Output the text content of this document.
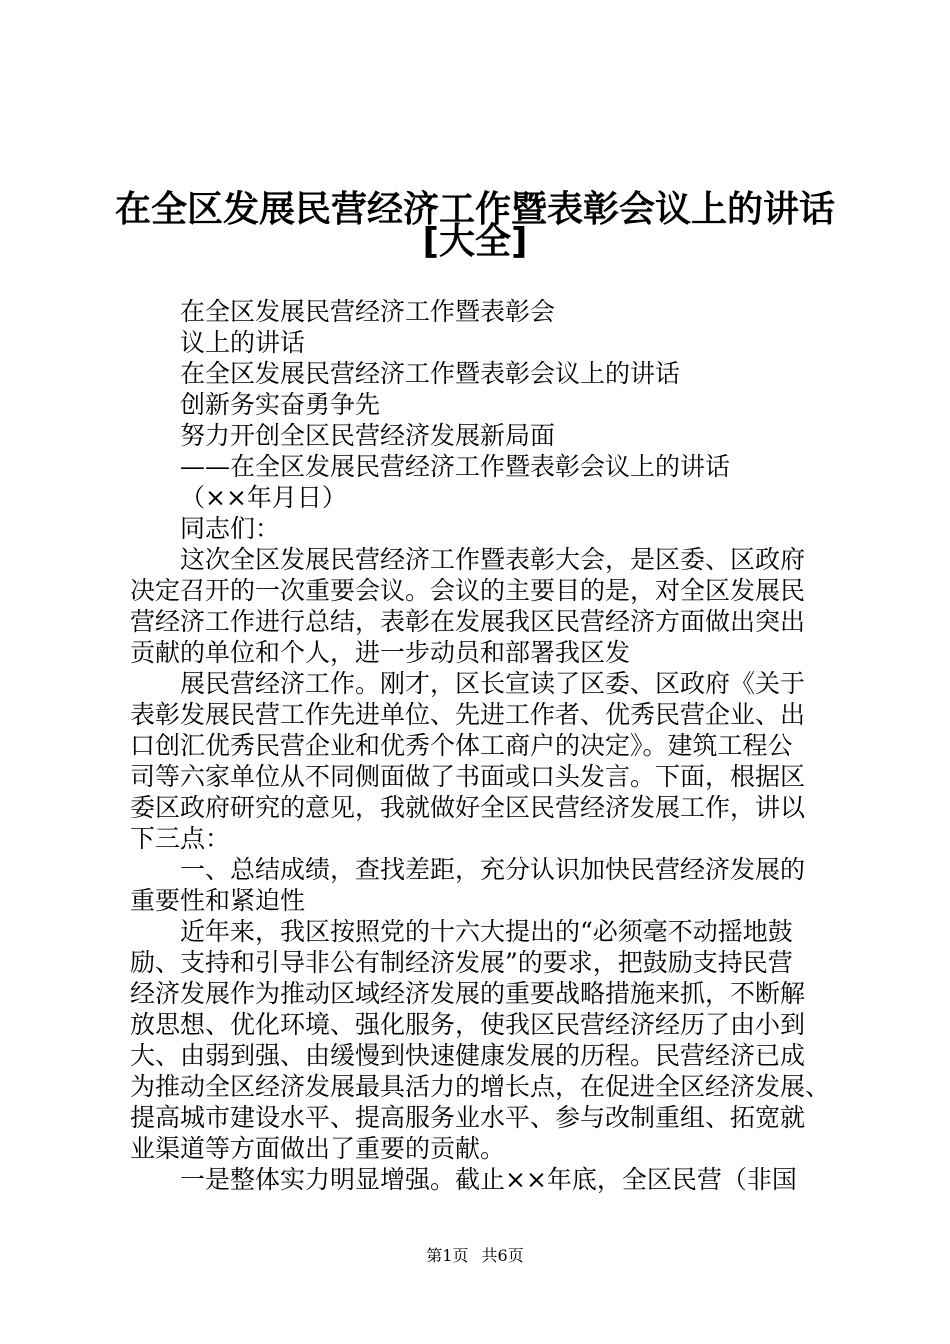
在全区发展民营经济工作暨表彰会议上的讲话
[大全]
在全区发展民营经济工作暨表彰会
议上的讲话
在全区发展民营经济工作暨表彰会议上的讲话
创新务实奋勇争先
努力开创全区民营经济发展新局面
——在全区发展民营经济工作暨表彰会议上的讲话
（××年月日）
同志们：
这次全区发展民营经济工作暨表彰大会，是区委、区政府
决定召开的一次重要会议。会议的主要目的是，对全区发展民
营经济工作进行总结，表彰在发展我区民营经济方面做出突出
贡献的单位和个人，进一步动员和部署我区发
展民营经济工作。刚才，区长宣读了区委、区政府《关于
表彰发展民营工作先进单位、先进工作者、优秀民营企业、出
口创汇优秀民营企业和优秀个体工商户的决定》。建筑工程公
司等六家单位从不同侧面做了书面或口头发言。下面，根据区
委区政府研究的意见，我就做好全区民营经济发展工作，讲以
下三点：
一、总结成绩，查找差距，充分认识加快民营经济发展的
重要性和紧迫性
近年来，我区按照党的十六大提出的“必须毫不动摇地鼓
励、支持和引导非公有制经济发展”的要求，把鼓励支持民营
经济发展作为推动区域经济发展的重要战略措施来抓，不断解
放思想、优化环境、强化服务，使我区民营经济经历了由小到
大、由弱到强、由缓慢到快速健康发展的历程。民营经济已成
为推动全区经济发展最具活力的增长点，在促进全区经济发展、
提高城市建设水平、提高服务业水平、参与改制重组、拓宽就
业渠道等方面做出了重要的贡献。
一是整体实力明显增强。截止××年底，全区民营（非国
第1页 共6页
